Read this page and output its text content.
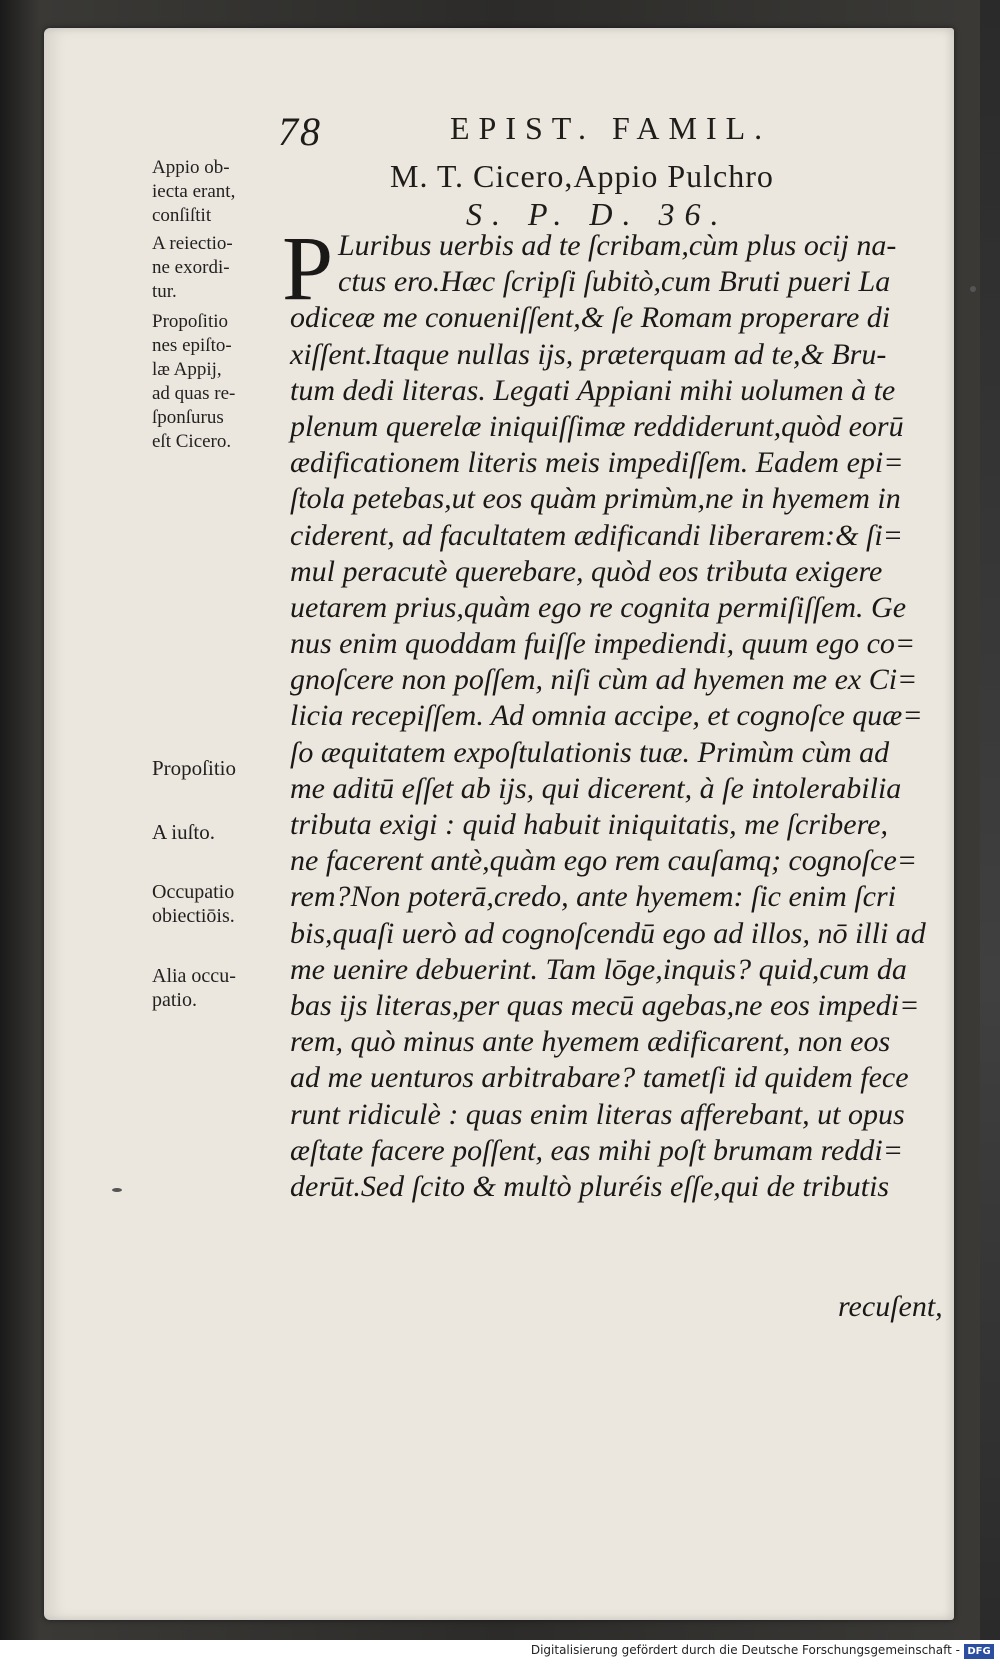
78	EPIST. FAMIL.
M. T. Cicero,Appio Pulchro
S. P. D. 36.
Appio ob-
iecta erant,
conſiſtit
A reiectio-
ne exordi-
tur.
Propoſitio
nes epiſto-
læ Appij,
ad quas re-
ſponſurus
eſt Cicero.
Propoſitio
A iuſto.
Occupatio
obiectiōis.
Alia occu-
patio.
P Luribus uerbis ad te ſcribam,cùm plus ocij na-
ctus ero.Hæc ſcripſi ſubitò,cum Bruti pueri La
odiceæ me conueniſſent,& ſe Romam properare di
xiſſent.Itaque nullas ijs, præterquam ad te,& Bru-
tum dedi literas. Legati Appiani mihi uolumen à te
plenum querelæ iniquiſſimæ reddiderunt,quòd eorū
ædificationem literis meis impediſſem. Eadem epi=
ſtola petebas,ut eos quàm primùm,ne in hyemem in
ciderent, ad facultatem ædificandi liberarem:& ſi=
mul peracutè querebare, quòd eos tributa exigere
uetarem prius,quàm ego re cognita permiſiſſem. Ge
nus enim quoddam fuiſſe impediendi, quum ego co=
gnoſcere non poſſem, niſi cùm ad hyemen me ex Ci=
licia recepiſſem. Ad omnia accipe, et cognoſce quæ=
ſo æquitatem expoſtulationis tuæ. Primùm cùm ad
me aditū eſſet ab ijs, qui dicerent, à ſe intolerabilia
tributa exigi : quid habuit iniquitatis, me ſcribere,
ne facerent antè,quàm ego rem cauſamq; cognoſce=
rem?Non poterā,credo, ante hyemem: ſic enim ſcri
bis,quaſi uerò ad cognoſcendū ego ad illos, nō illi ad
me uenire debuerint. Tam lōge,inquis? quid,cum da
bas ijs literas,per quas mecū agebas,ne eos impedi=
rem, quò minus ante hyemem ædificarent, non eos
ad me uenturos arbitrabare? tametſi id quidem fece
runt ridiculè : quas enim literas afferebant, ut opus
æſtate facere poſſent, eas mihi poſt brumam reddi=
derūt.Sed ſcito & multò pluréis eſſe,qui de tributis
recuſent,
Digitalisierung gefördert durch die Deutsche Forschungsgemeinschaft - DFG
